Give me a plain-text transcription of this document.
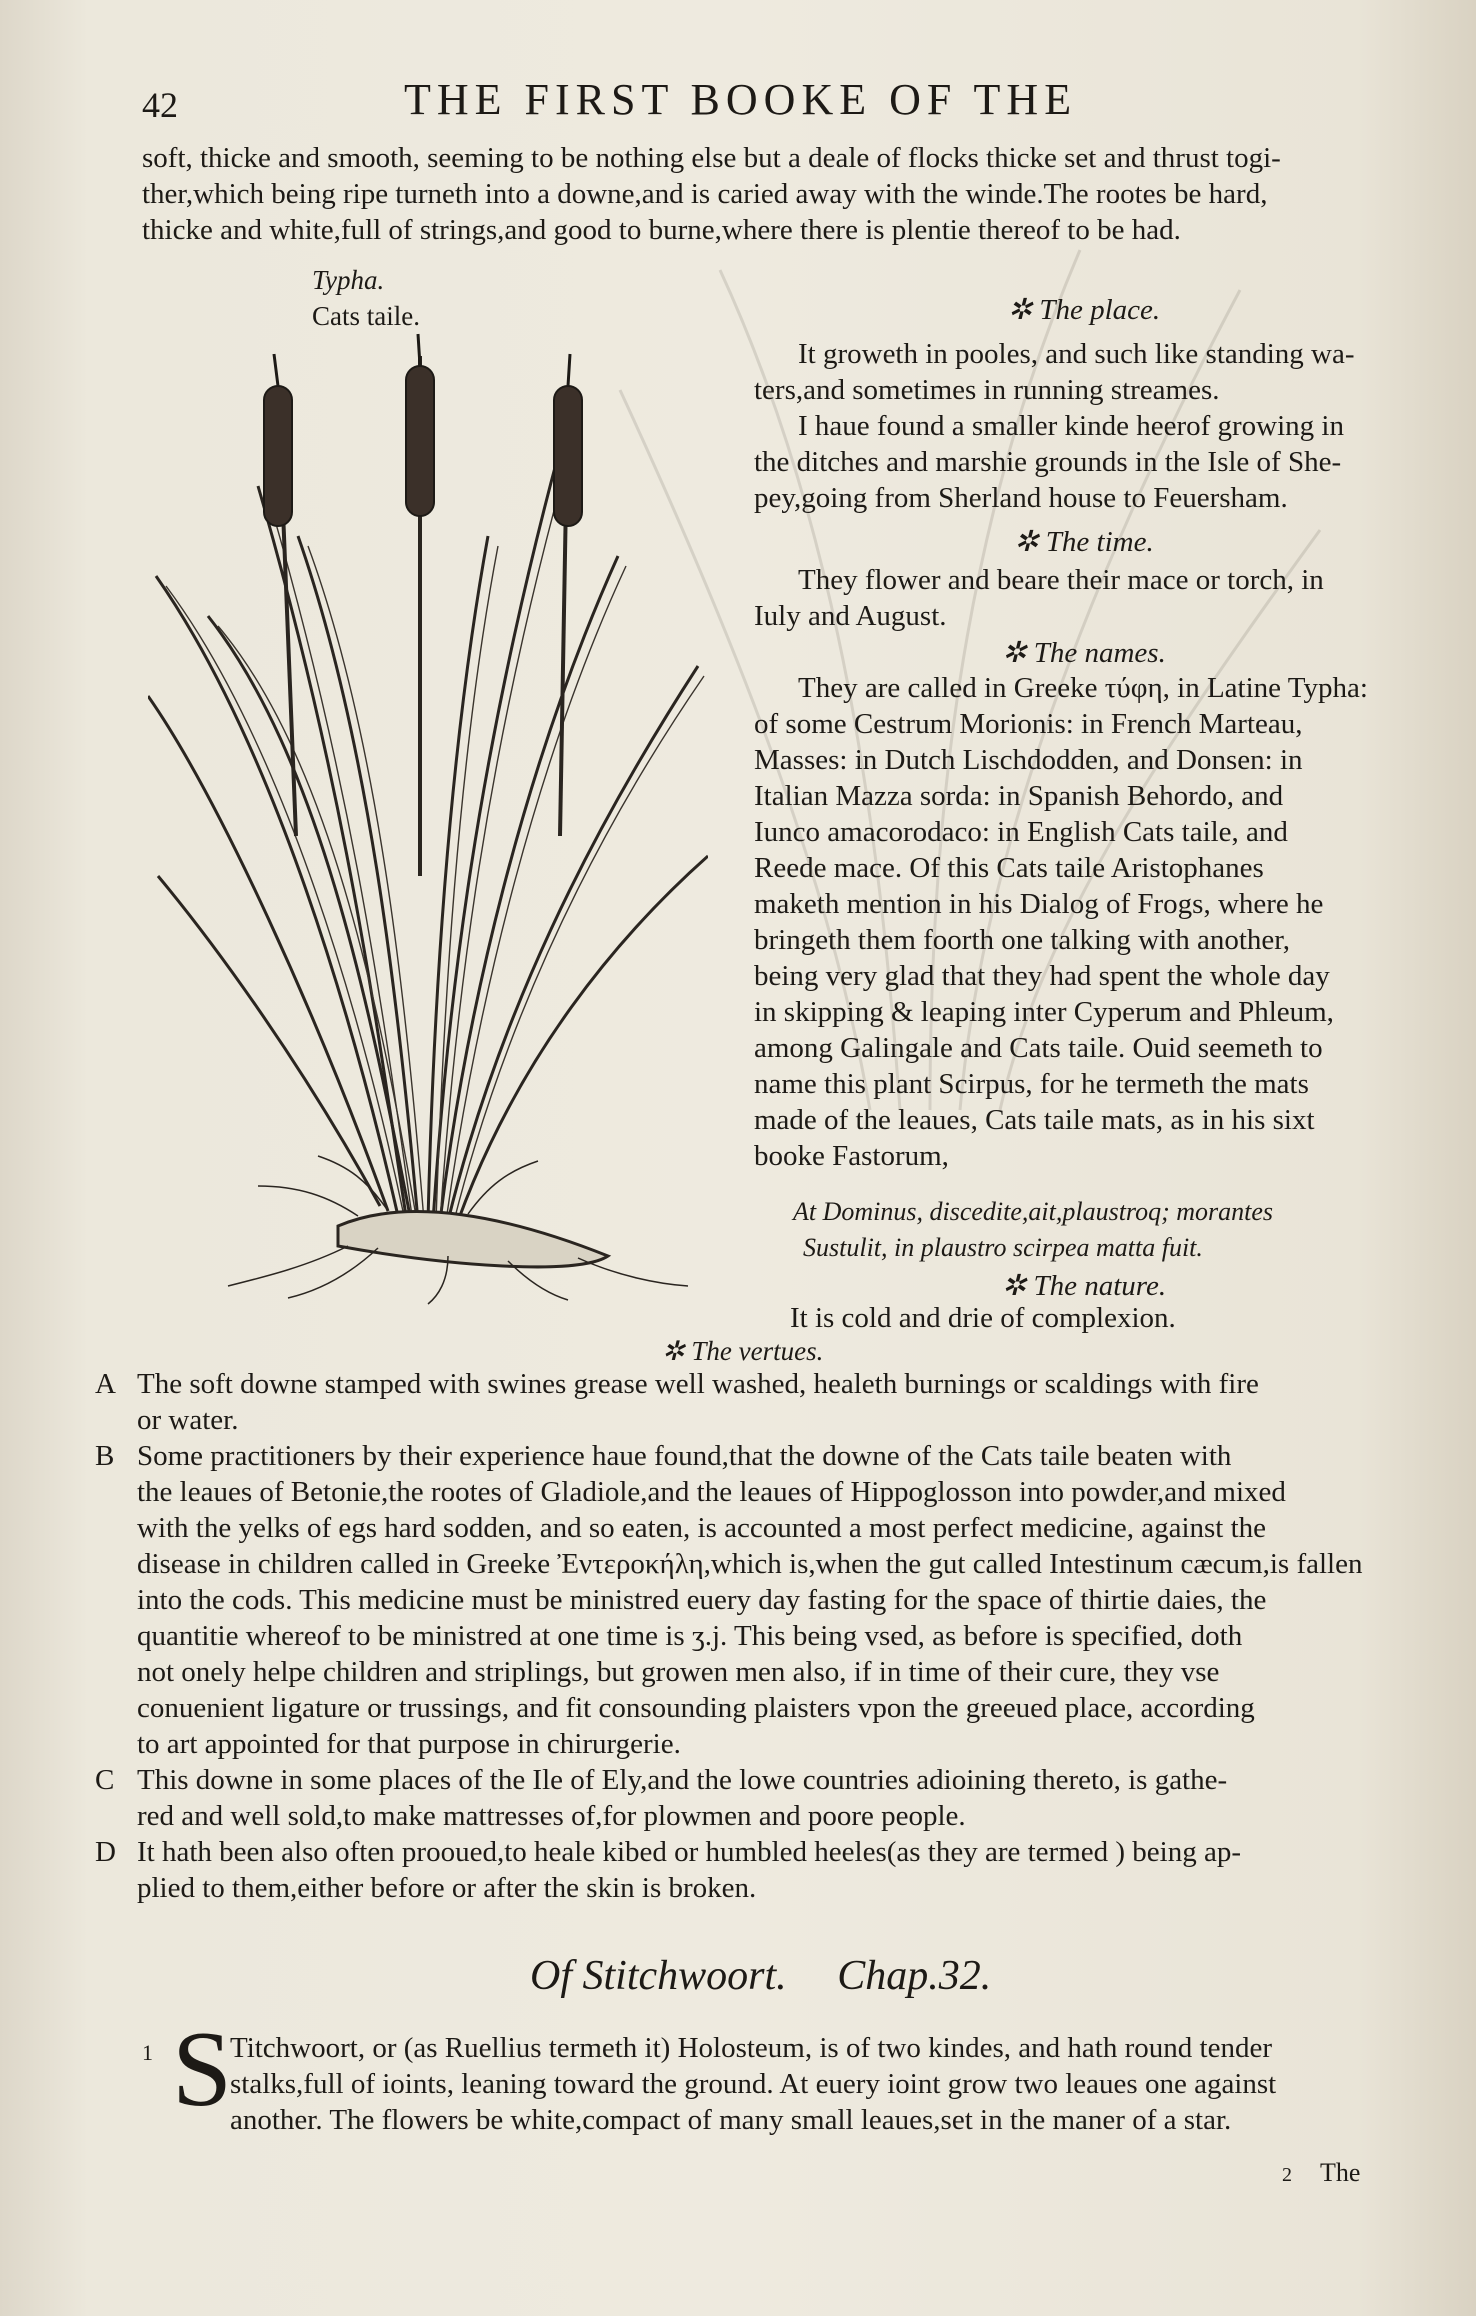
42	THE FIRST BOOKE OF THE
soft, thicke and smooth, seeming to be nothing else but a deale of flocks thicke set and thrust togi-
ther,which being ripe turneth into a downe,and is caried away with the winde.The rootes be hard,
thicke and white,full of strings,and good to burne,where there is plentie thereof to be had.
Typha.
Cats taile.	✲ The place.
It groweth in pooles, and such like standing wa-
ters,and sometimes in running streames.
I haue found a smaller kinde heerof growing in
the ditches and marshie grounds in the Isle of She-
pey,going from Sherland house to Feuersham.
✲ The time.
They flower and beare their mace or torch, in
Iuly and August.
✲ The names.
They are called in Greeke τύφη, in Latine Typha:
of some Cestrum Morionis: in French Marteau,
Masses: in Dutch Lischdodden, and Donsen: in
Italian Mazza sorda: in Spanish Behordo, and
Iunco amacorodaco: in English Cats taile, and
Reede mace. Of this Cats taile Aristophanes
maketh mention in his Dialog of Frogs, where he
bringeth them foorth one talking with another,
being very glad that they had spent the whole day
in skipping & leaping inter Cyperum and Phleum,
among Galingale and Cats taile. Ouid seemeth to
name this plant Scirpus, for he termeth the mats
made of the leaues, Cats taile mats, as in his sixt
booke Fastorum,
At Dominus, discedite,ait,plaustroq; morantes
Sustulit, in plaustro scirpea matta fuit.
✲ The nature.
It is cold and drie of complexion.
✲ The vertues.
A The soft downe stamped with swines grease well washed, healeth burnings or scaldings with fire
or water.
B Some practitioners by their experience haue found,that the downe of the Cats taile beaten with
the leaues of Betonie,the rootes of Gladiole,and the leaues of Hippoglosson into powder,and mixed
with the yelks of egs hard sodden, and so eaten, is accounted a most perfect medicine, against the
disease in children called in Greeke Ἐντεροκήλη,which is,when the gut called Intestinum cæcum,is fallen
into the cods. This medicine must be ministred euery day fasting for the space of thirtie daies, the
quantitie whereof to be ministred at one time is ʒ.j. This being vsed, as before is specified, doth
not onely helpe children and striplings, but growen men also, if in time of their cure, they vse
conuenient ligature or trussings, and fit consounding plaisters vpon the greeued place, according
to art appointed for that purpose in chirurgerie.
C This downe in some places of the Ile of Ely,and the lowe countries adioining thereto, is gathe-
red and well sold,to make mattresses of,for plowmen and poore people.
D It hath been also often prooued,to heale kibed or humbled heeles(as they are termed ) being ap-
plied to them,either before or after the skin is broken.
Of Stitchwoort. Chap.32.
1 S
Titchwoort, or (as Ruellius termeth it) Holosteum, is of two kindes, and hath round tender
stalks,full of ioints, leaning toward the ground. At euery ioint grow two leaues one against
another. The flowers be white,compact of many small leaues,set in the maner of a star.
2 The
